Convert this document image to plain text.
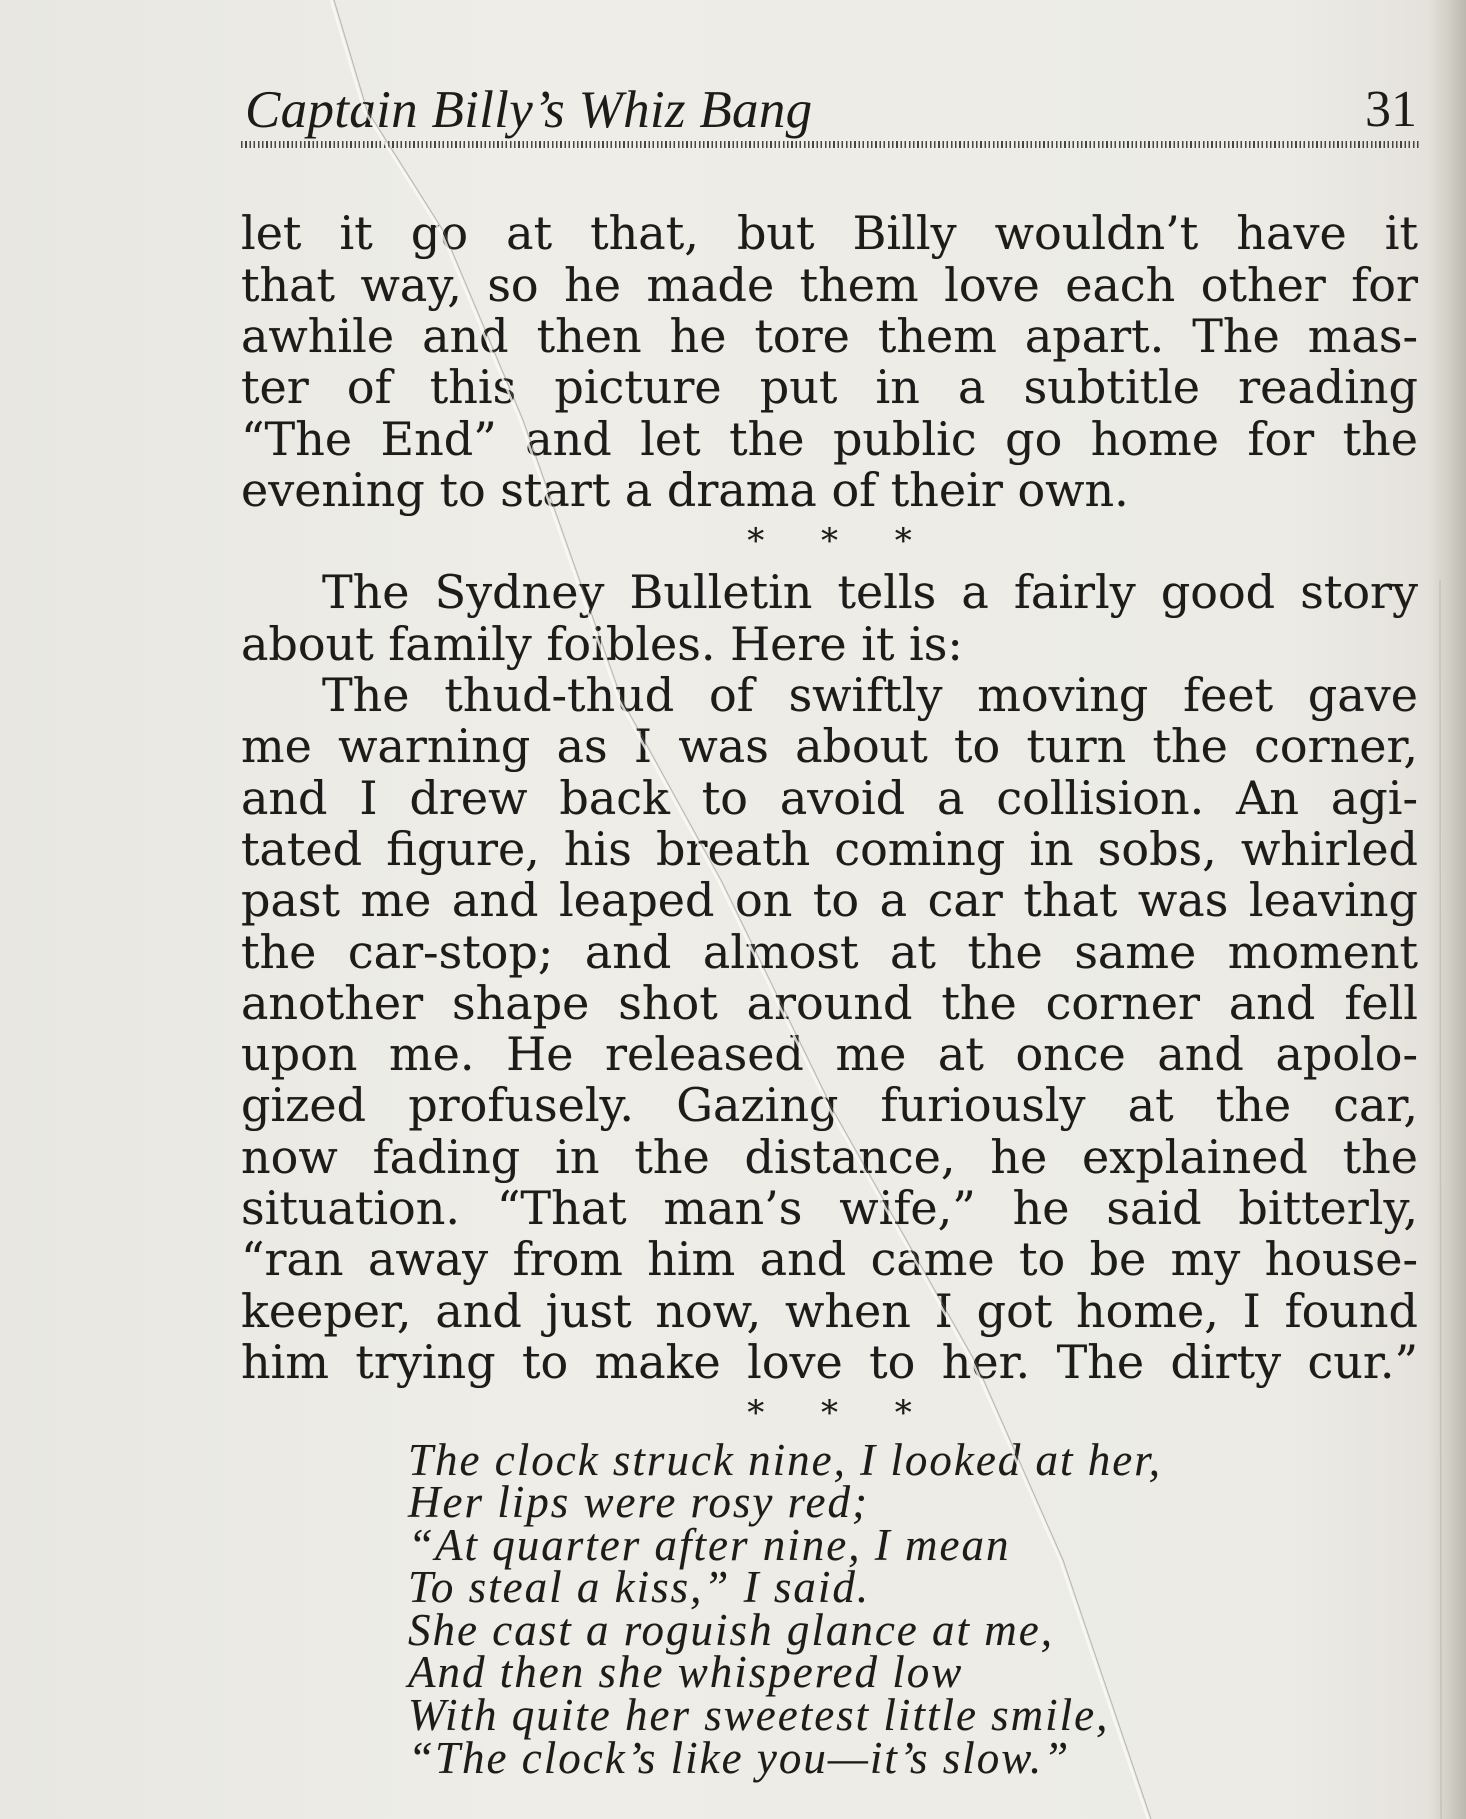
Captain Billy’s Whiz Bang	31
let it go at that, but Billy wouldn’t have it
that way, so he made them love each other for
awhile and then he tore them apart. The mas-
ter of this picture put in a subtitle reading
“The End” and let the public go home for the
evening to start a drama of their own.
* * *
The Sydney Bulletin tells a fairly good story
about family foibles. Here it is:
The thud-thud of swiftly moving feet gave
me warning as I was about to turn the corner,
and I drew back to avoid a collision. An agi-
tated figure, his breath coming in sobs, whirled
past me and leaped on to a car that was leaving
the car-stop; and almost at the same moment
another shape shot around the corner and fell
upon me. He released me at once and apolo-
gized profusely. Gazing furiously at the car,
now fading in the distance, he explained the
situation. “That man’s wife,” he said bitterly,
“ran away from him and came to be my house-
keeper, and just now, when I got home, I found
him trying to make love to her. The dirty cur.”
* * *
The clock struck nine, I looked at her,
Her lips were rosy red;
“At quarter after nine, I mean
To steal a kiss,” I said.
She cast a roguish glance at me,
And then she whispered low
With quite her sweetest little smile,
“The clock’s like you—it’s slow.”
